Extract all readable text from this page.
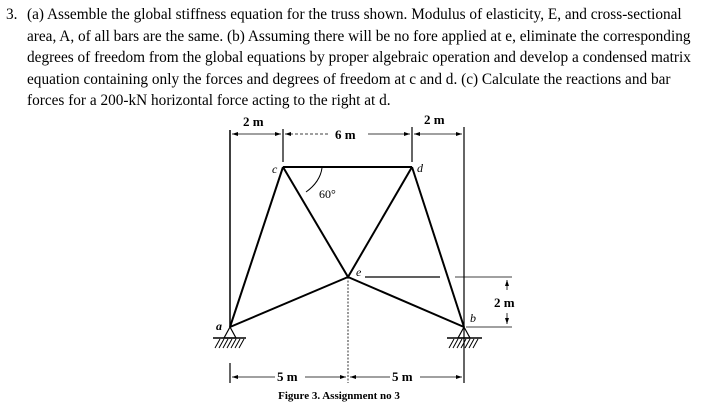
3. (a) Assemble the global stiffness equation for the truss shown. Modulus of elasticity, E, and cross-sectional area, A, of all bars are the same. (b) Assuming there will be no fore applied at e, eliminate the corresponding degrees of freedom from the global equations by proper algebraic operation and develop a condensed matrix equation containing only the forces and degrees of freedom at c and d. (c) Calculate the reactions and bar forces for a 200-kN horizontal force acting to the right at d.
2 m
6 m
2 m
2 m
5 m	5 m
c	d
e
a
b
60°
Figure 3. Assignment no 3
